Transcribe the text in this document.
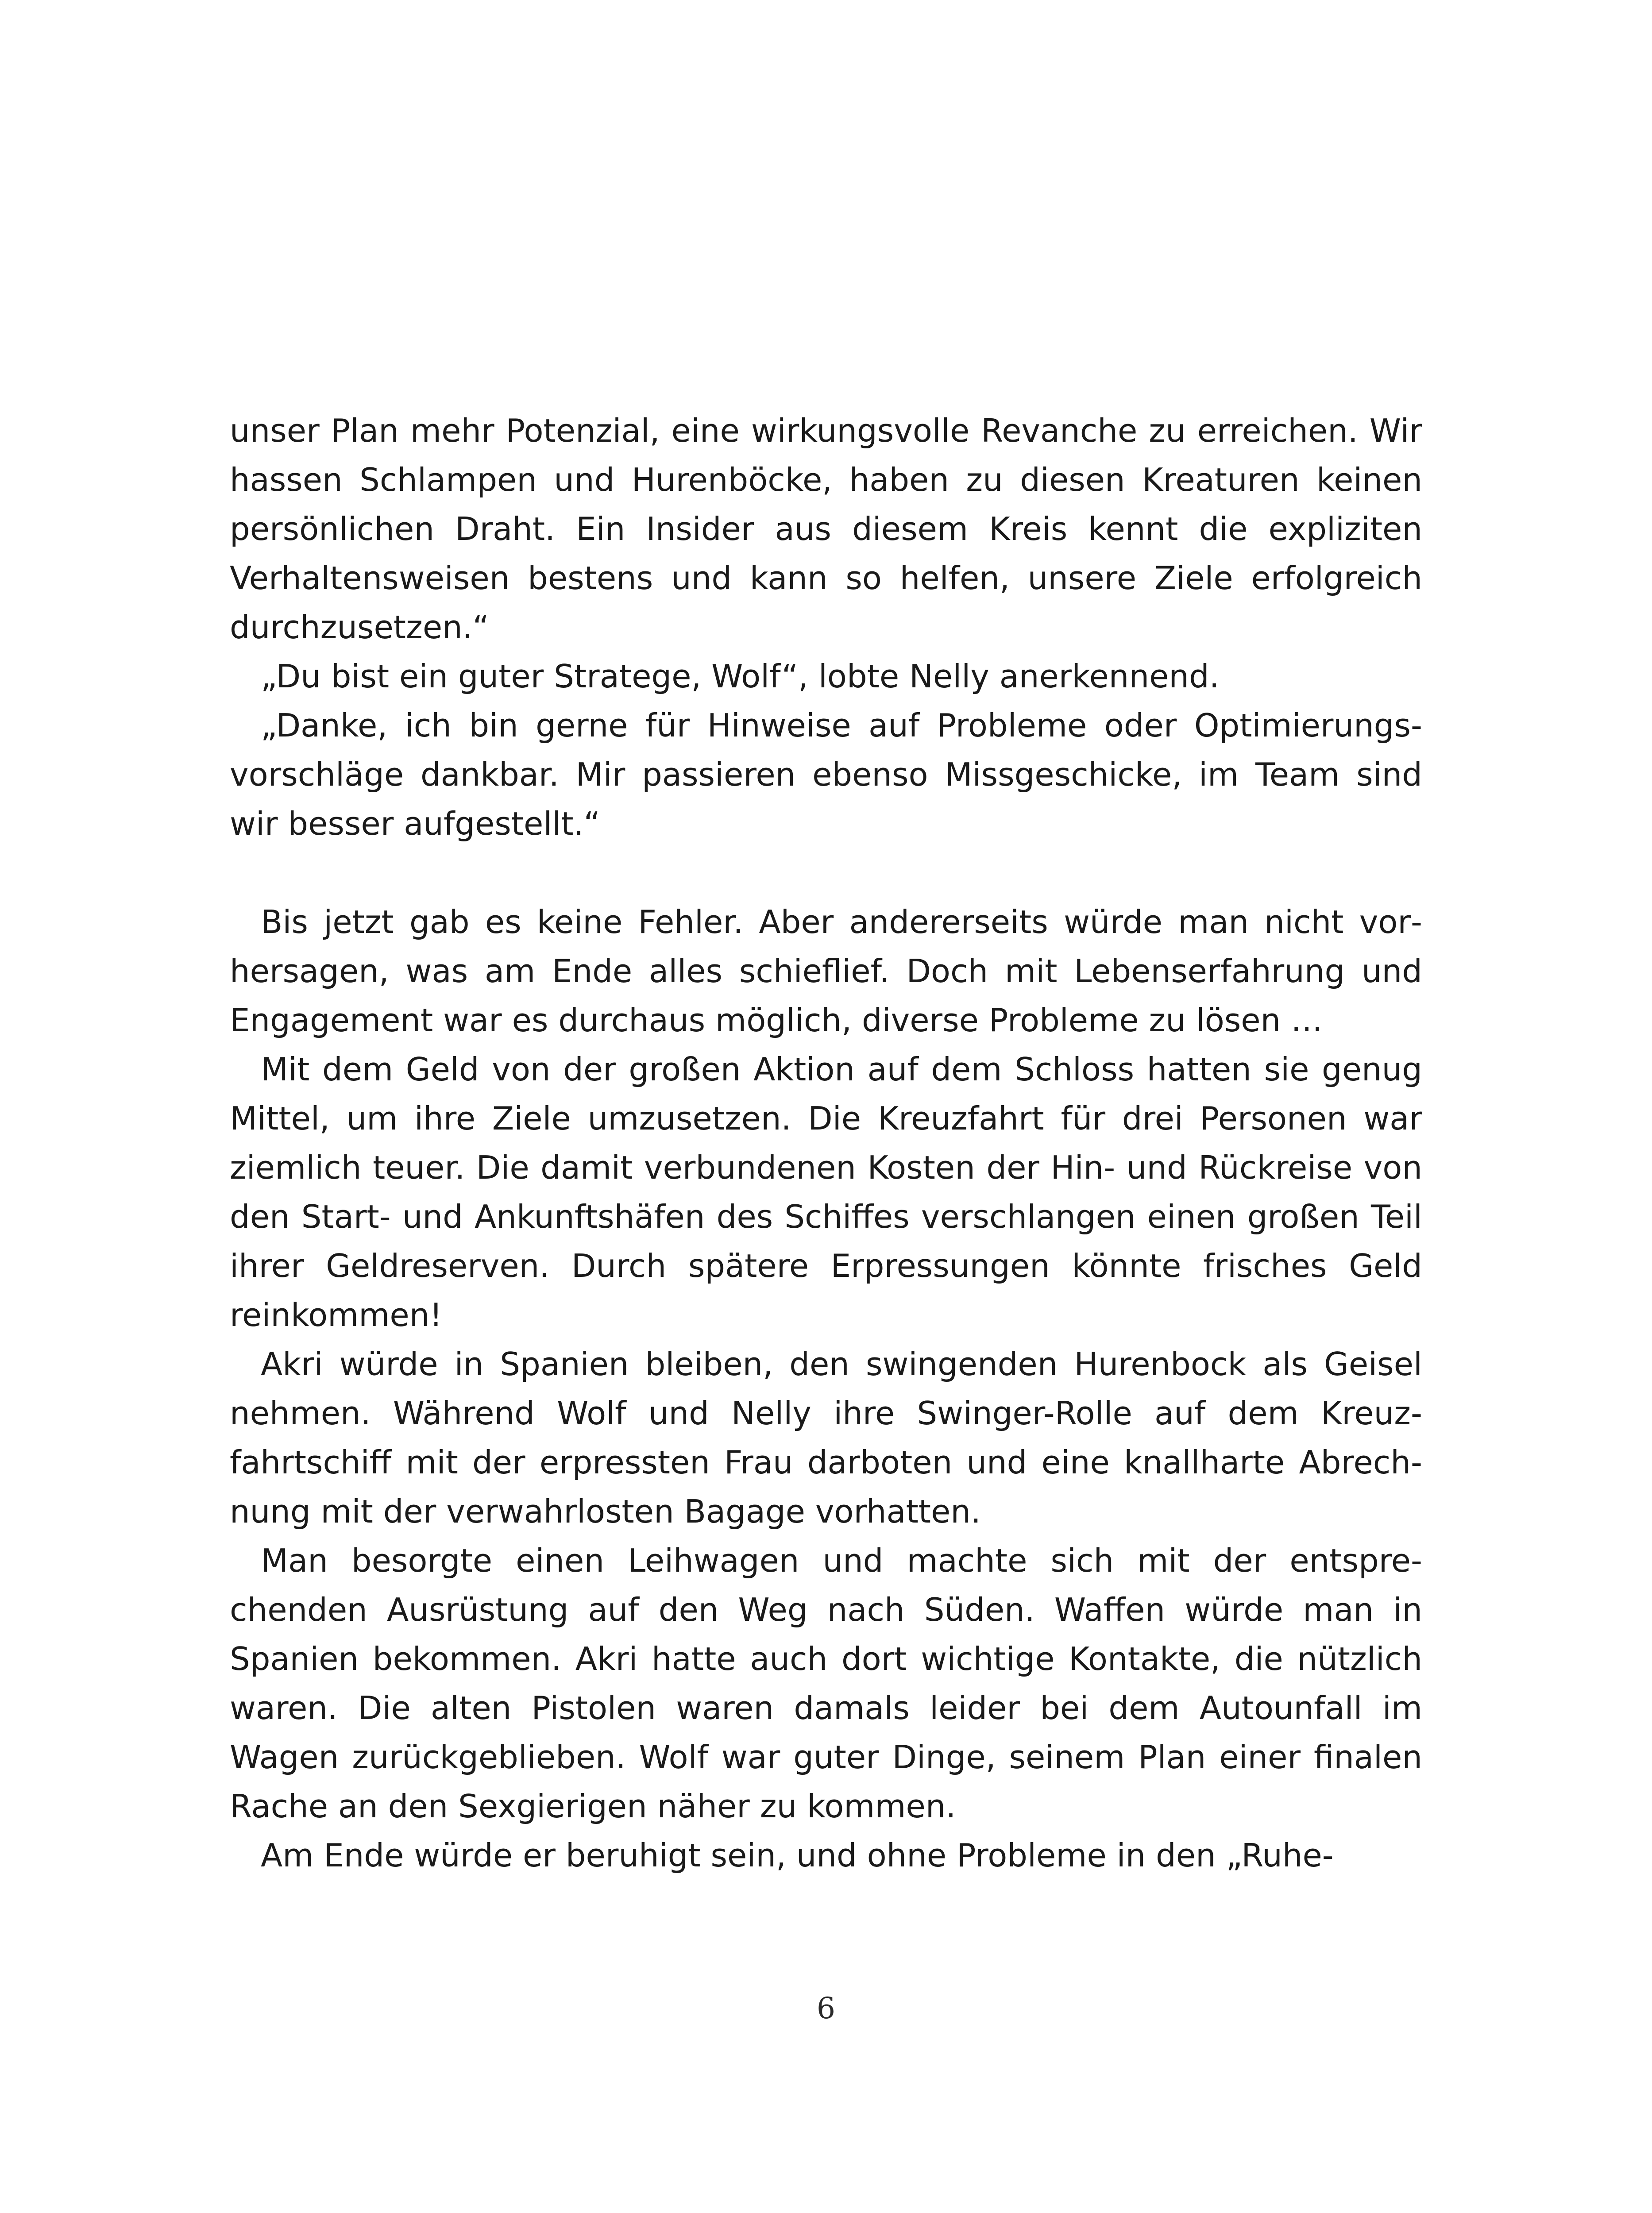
unser Plan mehr Potenzial, eine wirkungsvolle Revanche zu erreichen. Wir hassen Schlampen und Hurenböcke, haben zu diesen Kreaturen keinen persönlichen Draht. Ein Insider aus diesem Kreis kennt die expliziten Verhaltensweisen bestens und kann so helfen, unsere Ziele erfolgreich durchzusetzen.“

„Du bist ein guter Stratege, Wolf“, lobte Nelly anerkennend.

„Danke, ich bin gerne für Hinweise auf Probleme oder Optimierungsvorschläge dankbar. Mir passieren ebenso Missgeschicke, im Team sind wir besser aufgestellt.“

Bis jetzt gab es keine Fehler. Aber andererseits würde man nicht vorhersagen, was am Ende alles schieflief. Doch mit Lebenserfahrung und Engagement war es durchaus möglich, diverse Probleme zu lösen …

Mit dem Geld von der großen Aktion auf dem Schloss hatten sie genug Mittel, um ihre Ziele umzusetzen. Die Kreuzfahrt für drei Personen war ziemlich teuer. Die damit verbundenen Kosten der Hin- und Rückreise von den Start- und Ankunftshäfen des Schiffes verschlangen einen großen Teil ihrer Geldreserven. Durch spätere Erpressungen könnte frisches Geld reinkommen!

Akri würde in Spanien bleiben, den swingenden Hurenbock als Geisel nehmen. Während Wolf und Nelly ihre Swinger-Rolle auf dem Kreuzfahrtschiff mit der erpressten Frau darboten und eine knallharte Abrechnung mit der verwahrlosten Bagage vorhatten.

Man besorgte einen Leihwagen und machte sich mit der entsprechenden Ausrüstung auf den Weg nach Süden. Waffen würde man in Spanien bekommen. Akri hatte auch dort wichtige Kontakte, die nützlich waren. Die alten Pistolen waren damals leider bei dem Autounfall im Wagen zurückgeblieben. Wolf war guter Dinge, seinem Plan einer finalen Rache an den Sexgierigen näher zu kommen.

Am Ende würde er beruhigt sein, und ohne Probleme in den „Ruhe-

6
